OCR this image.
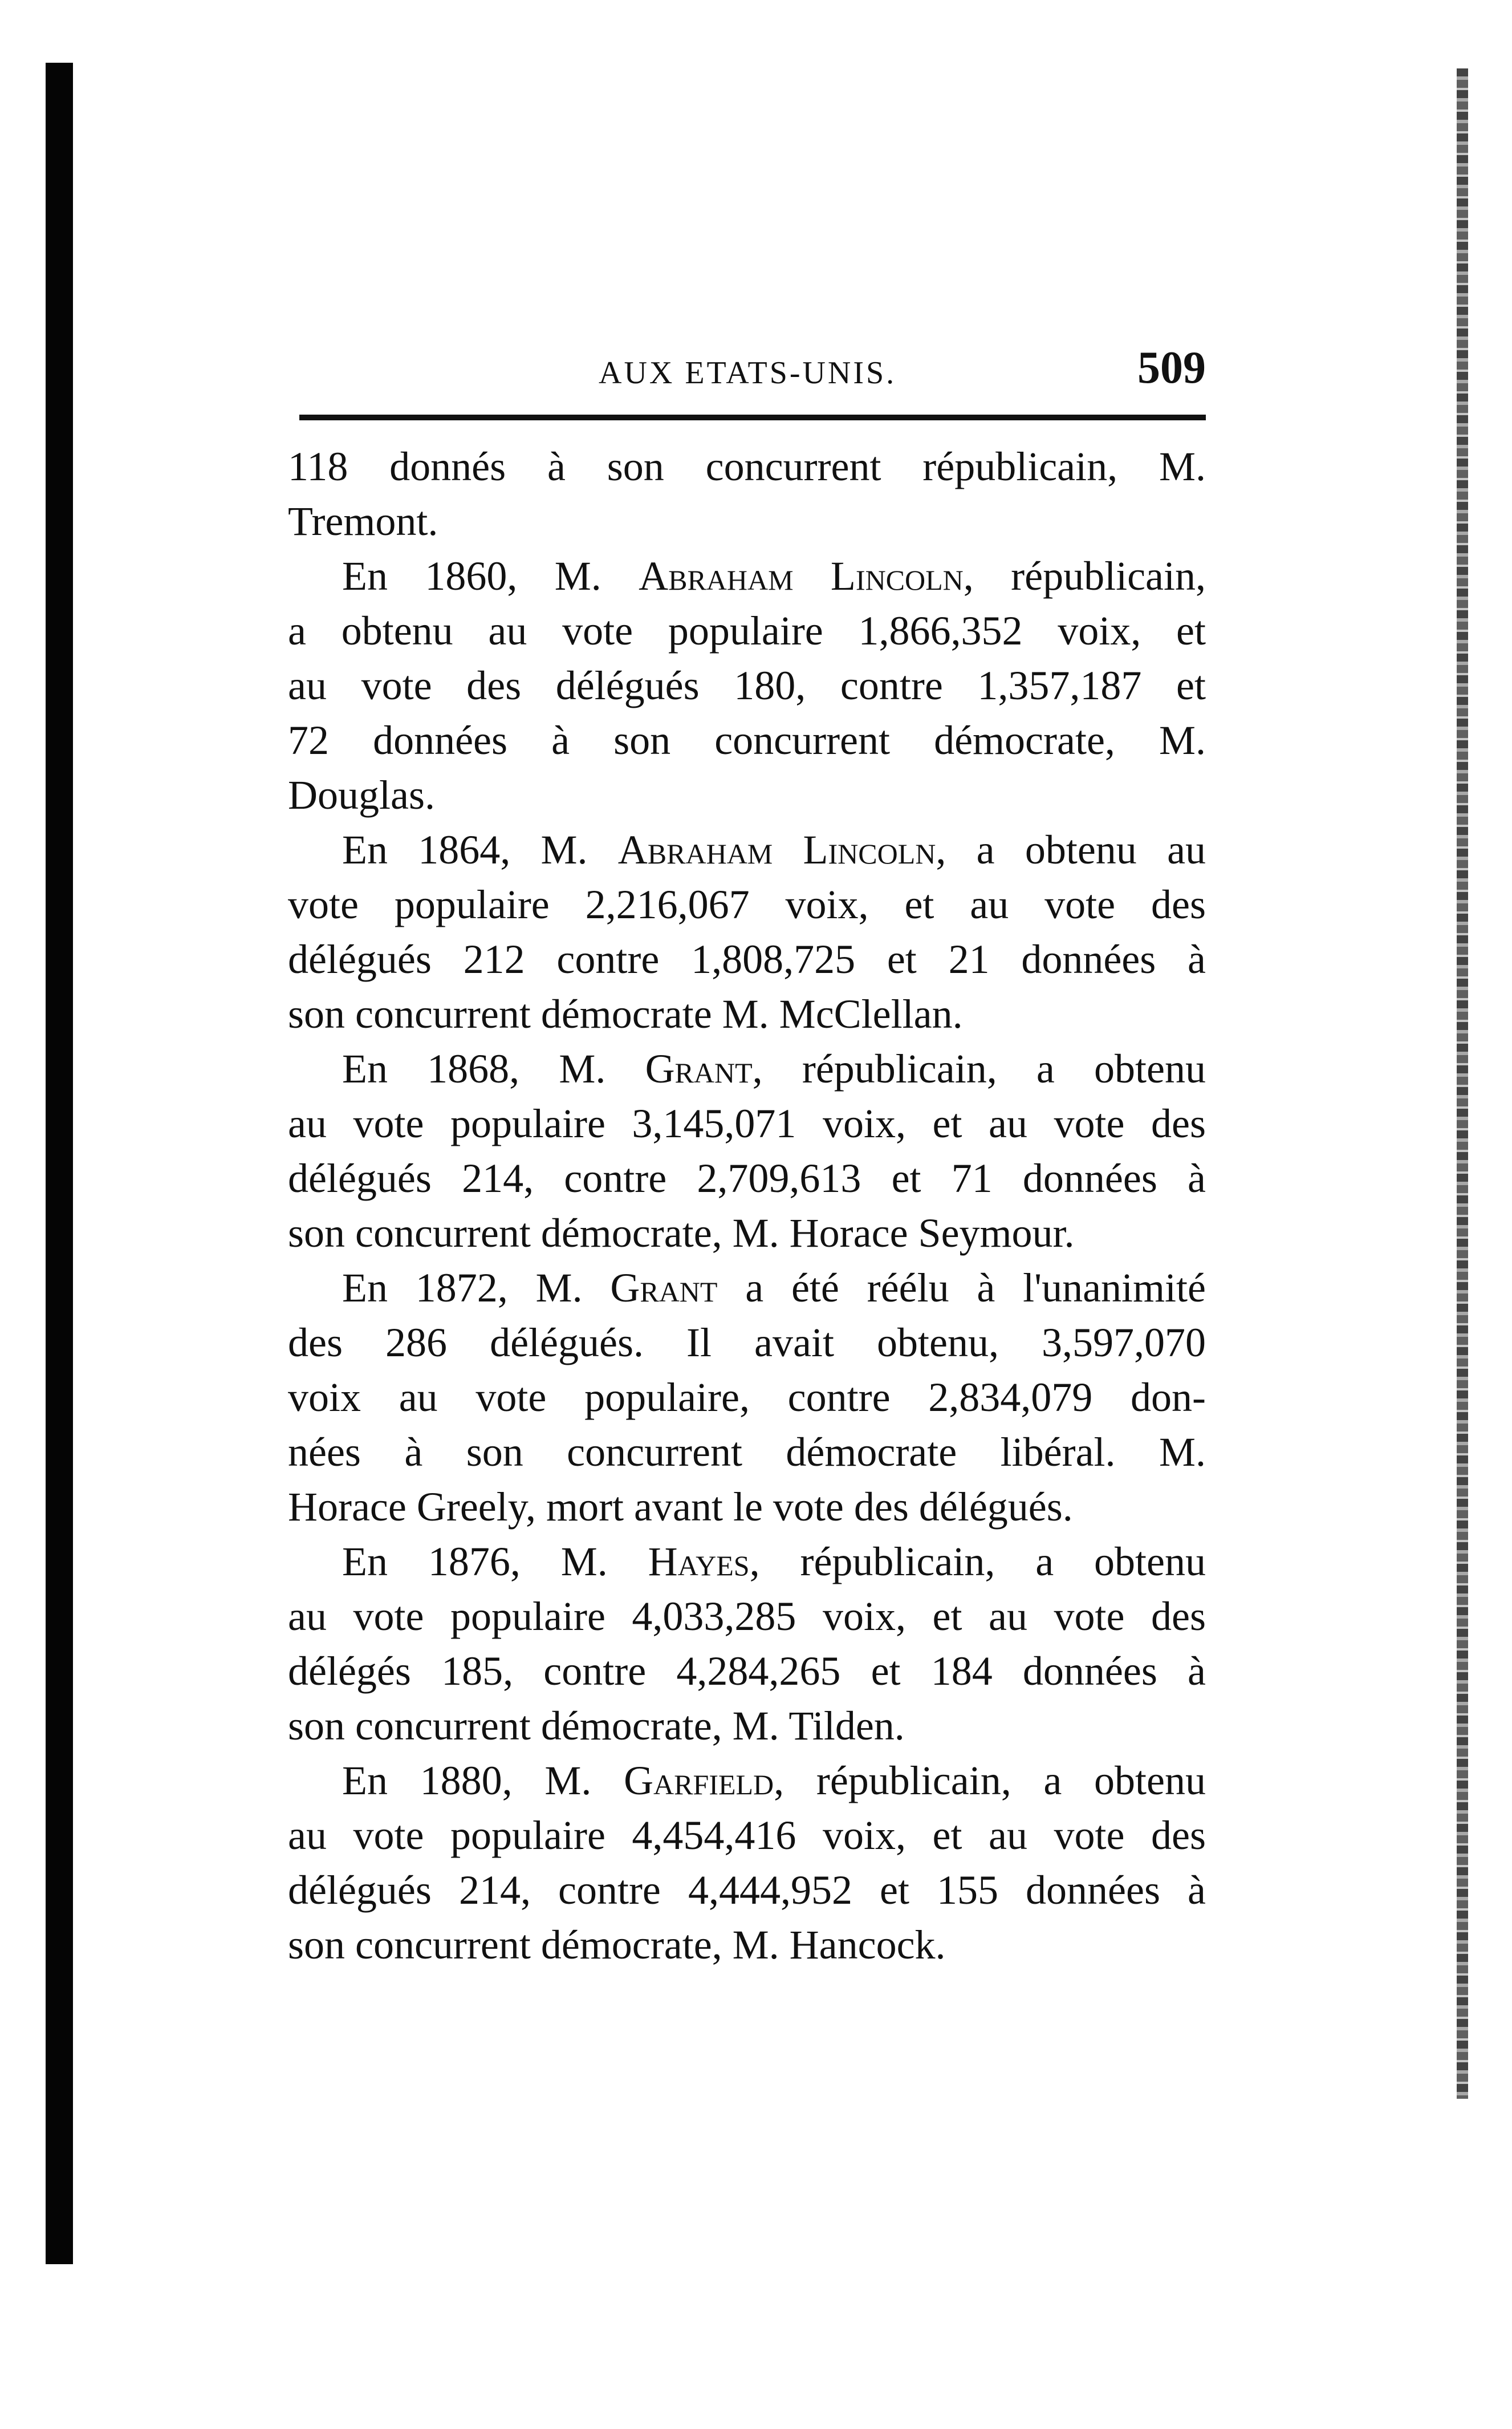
AUX ETATS-UNIS.	509
118 donnés à son concurrent républicain, M.
Tremont.
En 1860, M. Abraham Lincoln, républicain,
a obtenu au vote populaire 1,866,352 voix, et
au vote des délégués 180, contre 1,357,187 et
72 données à son concurrent démocrate, M.
Douglas.
En 1864, M. Abraham Lincoln, a obtenu au
vote populaire 2,216,067 voix, et au vote des
délégués 212 contre 1,808,725 et 21 données à
son concurrent démocrate M. McClellan.
En 1868, M. Grant, républicain, a obtenu
au vote populaire 3,145,071 voix, et au vote des
délégués 214, contre 2,709,613 et 71 données à
son concurrent démocrate, M. Horace Seymour.
En 1872, M. Grant a été réélu à l'unanimité
des 286 délégués. Il avait obtenu, 3,597,070
voix au vote populaire, contre 2,834,079 don-
nées à son concurrent démocrate libéral. M.
Horace Greely, mort avant le vote des délégués.
En 1876, M. Hayes, républicain, a obtenu
au vote populaire 4,033,285 voix, et au vote des
délégés 185, contre 4,284,265 et 184 données à
son concurrent démocrate, M. Tilden.
En 1880, M. Garfield, républicain, a obtenu
au vote populaire 4,454,416 voix, et au vote des
délégués 214, contre 4,444,952 et 155 données à
son concurrent démocrate, M. Hancock.
